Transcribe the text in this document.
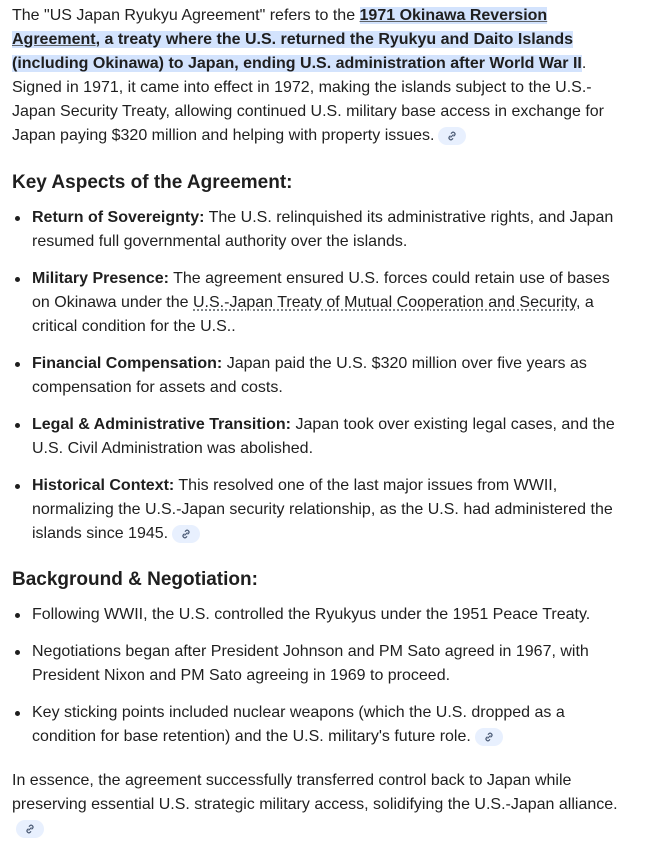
The "US Japan Ryukyu Agreement" refers to the 1971 Okinawa Reversion Agreement, a treaty where the U.S. returned the Ryukyu and Daito Islands (including Okinawa) to Japan, ending U.S. administration after World War II. Signed in 1971, it came into effect in 1972, making the islands subject to the U.S.-Japan Security Treaty, allowing continued U.S. military base access in exchange for Japan paying $320 million and helping with property issues.

Key Aspects of the Agreement:
Return of Sovereignty: The U.S. relinquished its administrative rights, and Japan resumed full governmental authority over the islands.
Military Presence: The agreement ensured U.S. forces could retain use of bases on Okinawa under the U.S.-Japan Treaty of Mutual Cooperation and Security, a critical condition for the U.S..
Financial Compensation: Japan paid the U.S. $320 million over five years as compensation for assets and costs.
Legal & Administrative Transition: Japan took over existing legal cases, and the U.S. Civil Administration was abolished.
Historical Context: This resolved one of the last major issues from WWII, normalizing the U.S.-Japan security relationship, as the U.S. had administered the islands since 1945.
Background & Negotiation:
Following WWII, the U.S. controlled the Ryukyus under the 1951 Peace Treaty.
Negotiations began after President Johnson and PM Sato agreed in 1967, with President Nixon and PM Sato agreeing in 1969 to proceed.
Key sticking points included nuclear weapons (which the U.S. dropped as a condition for base retention) and the U.S. military's future role.

In essence, the agreement successfully transferred control back to Japan while preserving essential U.S. strategic military access, solidifying the U.S.-Japan alliance.
